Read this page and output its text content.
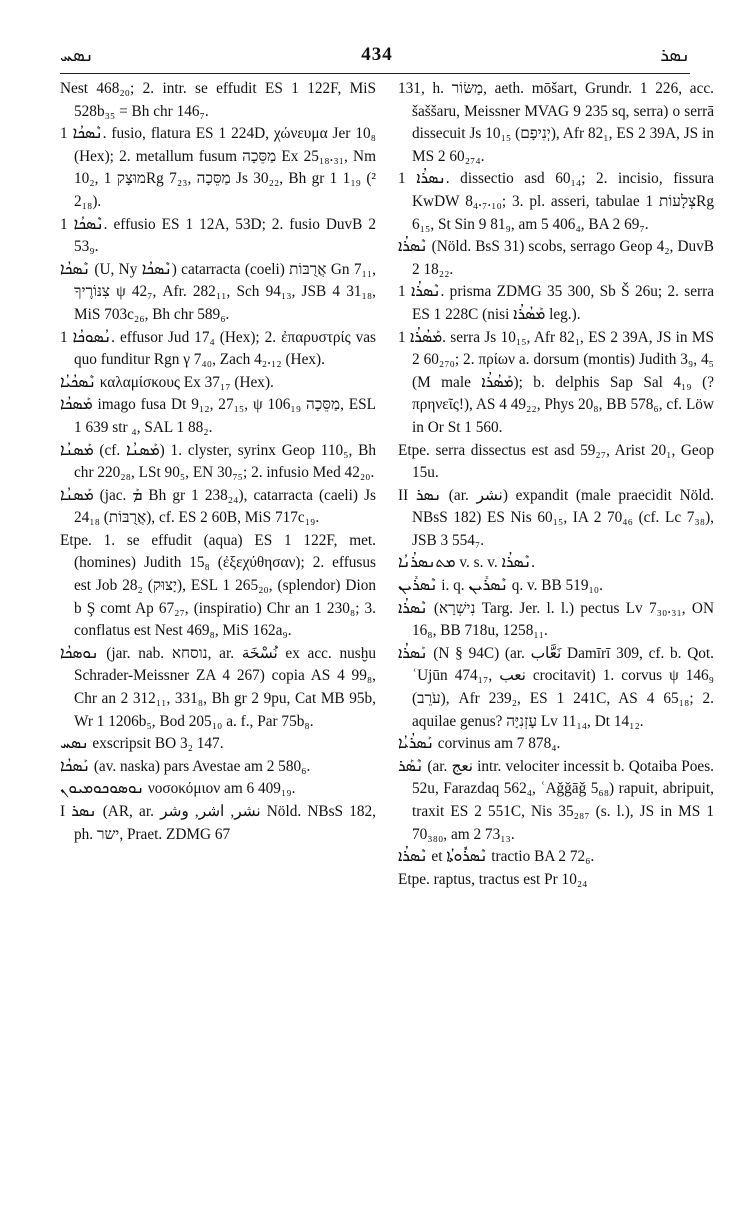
ܢܣܚ	434	ܢܣܪ

Nest 468₂₀; 2. intr. se effudit ES 1 122F, MiS 528b₃₅ = Bh chr 146₇.

ܢܶܣܟܳܐ 1. fusio, flatura ES 1 224D, χώνευμα Jer 10₈ (Hex); 2. metallum fusum מַסֵּכָה Ex 25₁₈.₃₁, Nm 10₂, מוּצָק 1Rg 7₂₃, מַסֵּכָה Js 30₂₂, Bh gr 1 1₁₉ (² 2₁₈).

ܢܶܣܟܳܐ 1. effusio ES 1 12A, 53D; 2. fusio DuvB 2 53₉.

ܢܶܣܟܳܐ (U, Ny ܢܶܣܟܳܐ) catarracta (coeli) אֲרֻבּוֹת Gn 7₁₁, צִנּוֹרֶיךָ ψ 42₇, Afr. 282₁₁, Sch 94₁₃, JSB 4 31₁₈, MiS 703c₂₆, Bh chr 589₆.

ܢܳܣܘܟܳܐ 1. effusor Jud 17₄ (Hex); 2. ἐπαρυστρίς vas quo funditur Rgn γ 7₄₀, Zach 4₂.₁₂ (Hex).

ܢܶܣܟܳܝܳܐ καλαμίσκους Ex 37₁₇ (Hex).

ܡܰܣܟܳܐ imago fusa Dt 9₁₂, 27₁₅, ψ 106₁₉ מַסֵּכָה, ESL 1 639 str ₄, SAL 1 88₂.

ܡܰܣܢܳܐ (cf. ܡܰܣܢܳܐ) 1. clyster, syrinx Geop 110₅, Bh chr 220₂₈, LSt 90₅, EN 30₇₅; 2. infusio Med 42₂₀.

ܡܰܣܢܳܐ (jac. ܡܰ Bh gr 1 238₂₄), catarracta (caeli) Js 24₁₈ (אֲרֻבּוֹת), cf. ES 2 60B, MiS 717c₁₉.

Etpe. 1. se effudit (aqua) ES 1 122F, met. (homines) Judith 15₈ (ἐξεχύθησαν); 2. effusus est Job 28₂ (יָצוּק), ESL 1 265₂₀, (splendor) Dion b Ş comt Ap 67₂₇, (inspiratio) Chr an 1 230₈; 3. conflatus est Nest 469₈, MiS 162a₉.

ܢܘܣܟܳܐ (jar. nab. נוסחא, ar. نُسْخَة ex acc. nusḫu Schrader-Meissner ZA 4 267) copia AS 4 99₈, Chr an 2 312₁₁, 331₈, Bh gr 2 9pu, Cat MB 95b, Wr 1 1206b₅, Bod 205₁₀ a. f., Par 75b₈.

ܢܣܚ exscripsit BO 3₂ 147.

ܢܰܣܟܳܐ (av. naska) pars Avestae am 2 580₆.

ܢܘܣܘܟܘܡܝܘܢ νοσοκόμιον am 6 409₁₉.

I ܢܣܪ (AR, ar. نشر, اشر, وشر Nöld. NBsS 182, ph. ישר, Praet. ZDMG 67

131, h. מַשּׂוֹר, aeth. mōšart, Grundr. 1 226, acc. šaššaru, Meissner MVAG 9 235 sq, serra) o serrā dissecuit Js 10₁₅ (יְנִיפָם), Afr 82₁, ES 2 39A, JS in MS 2 60₂₇₄.

ܢܣܪܳܐ 1. dissectio asd 60₁₄; 2. incisio, fissura KwDW 8₄.₇.₁₀; 3. pl. asseri, tabulae צְלָעוֹת 1Rg 6₁₅, St Sin 9 81₉, am 5 406₄, BA 2 69₇.

ܢܶܣܪܳܐ (Nöld. BsS 31) scobs, serrago Geop 4₂, DuvB 2 18₂₂.

ܢܶܣܪܳܐ 1. prisma ZDMG 35 300, Sb Š 26u; 2. serra ES 1 228C (nisi ܡܰܣܳܪܳܐ leg.).

ܡܰܣܳܪܳܐ 1. serra Js 10₁₅, Afr 82₁, ES 2 39A, JS in MS 2 60₂₇₀; 2. πρίων a. dorsum (montis) Judith 3₉, 4₅ (M male ܡܰܣܳܪܳܐ); b. delphis Sap Sal 4₁₉ (?πρηνεῖς!), AS 4 49₂₂, Phys 20₈, BB 578₆, cf. Löw in Or St 1 560.

Etpe. serra dissectus est asd 59₂₇, Arist 20₁, Geop 15u.

II ܢܣܪ (ar. نشر) expandit (male praecidit Nöld. NBsS 182) ES Nis 60₁₅, IA 2 70₄₆ (cf. Lc 7₃₈), JSB 3 554₇.

ܡܬܢܣܪܳܢܳܐ v. s. v. ܢܶܣܪܳܐ.

ܢܶܣܪܺܝܢ i. q. ܢܶܣܪܺܝܢ q. v. BB 519₁₀.

ܢܶܣܪܳܐ (נִישְׁרָא Targ. Jer. l. l.) pectus Lv 7₃₀.₃₁, ON 16₈, BB 718u, 1258₁₁.

ܢܰܣܪܳܐ (N § 94C) (ar. نَعَّاب Damīrī 309, cf. b. Qot. ʿUjūn 474₁₇, نعب crocitavit) 1. corvus ψ 146₉ (עֹרֵב), Afr 239₂, ES 1 241C, AS 4 65₁₈; 2. aquilae genus? עָזְנִיָּה Lv 11₁₄, Dt 14₁₂.

ܢܰܣܪܳܝܳܐ corvinus am 7 878₄.

ܢܶܣܰܪ (ar. نعج intr. velociter incessit b. Qotaiba Poes. 52u, Farazdaq 562₄, ʿAǧǧāǧ 5₆₈) rapuit, abripuit, traxit ES 2 551C, Nis 35₂₈₇ (s. l.), JS in MS 1 70₃₈₀, am 2 73₁₃.

ܢܶܣܪܳܐ et ܢܶܣܪܽܘܬܳܐ tractio BA 2 72₆.

Etpe. raptus, tractus est Pr 10₂₄
